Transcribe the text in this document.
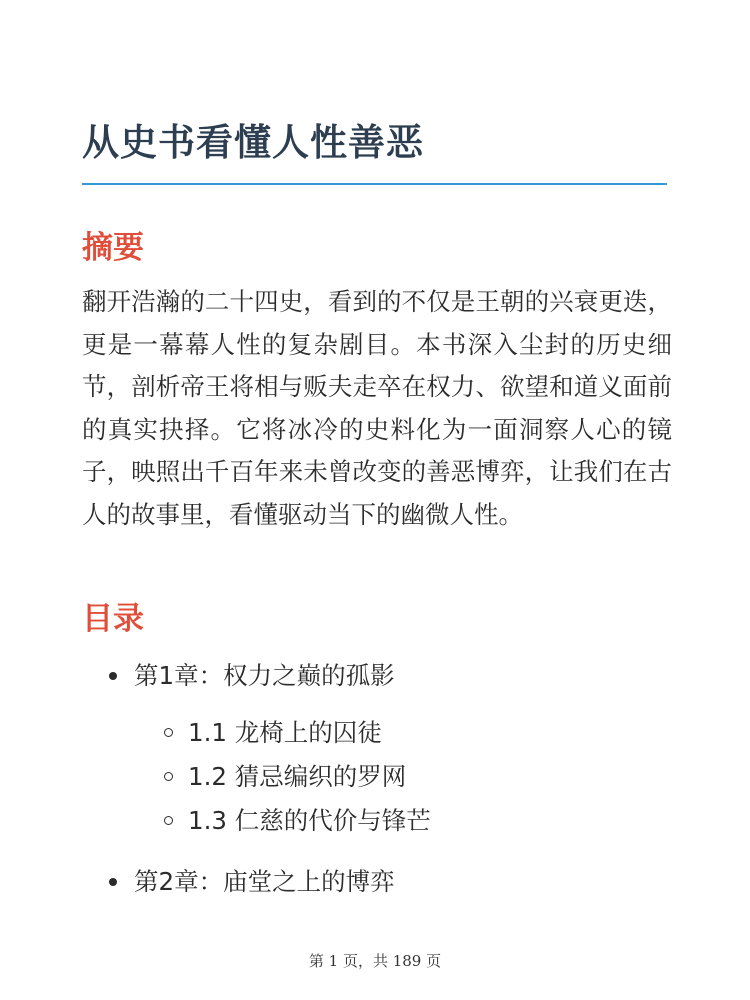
从史书看懂人性善恶
摘要

翻开浩瀚的二十四史，看到的不仅是王朝的兴衰更迭，更是一幕幕人性的复杂剧目。本书深入尘封的历史细节，剖析帝王将相与贩夫走卒在权力、欲望和道义面前的真实抉择。它将冰冷的史料化为一面洞察人心的镜子，映照出千百年来未曾改变的善恶博弈，让我们在古人的故事里，看懂驱动当下的幽微人性。

目录
第1章：权力之巅的孤影
1.1 龙椅上的囚徒
1.2 猜忌编织的罗网
1.3 仁慈的代价与锋芒
第2章：庙堂之上的博弈
第 1 页，共 189 页
